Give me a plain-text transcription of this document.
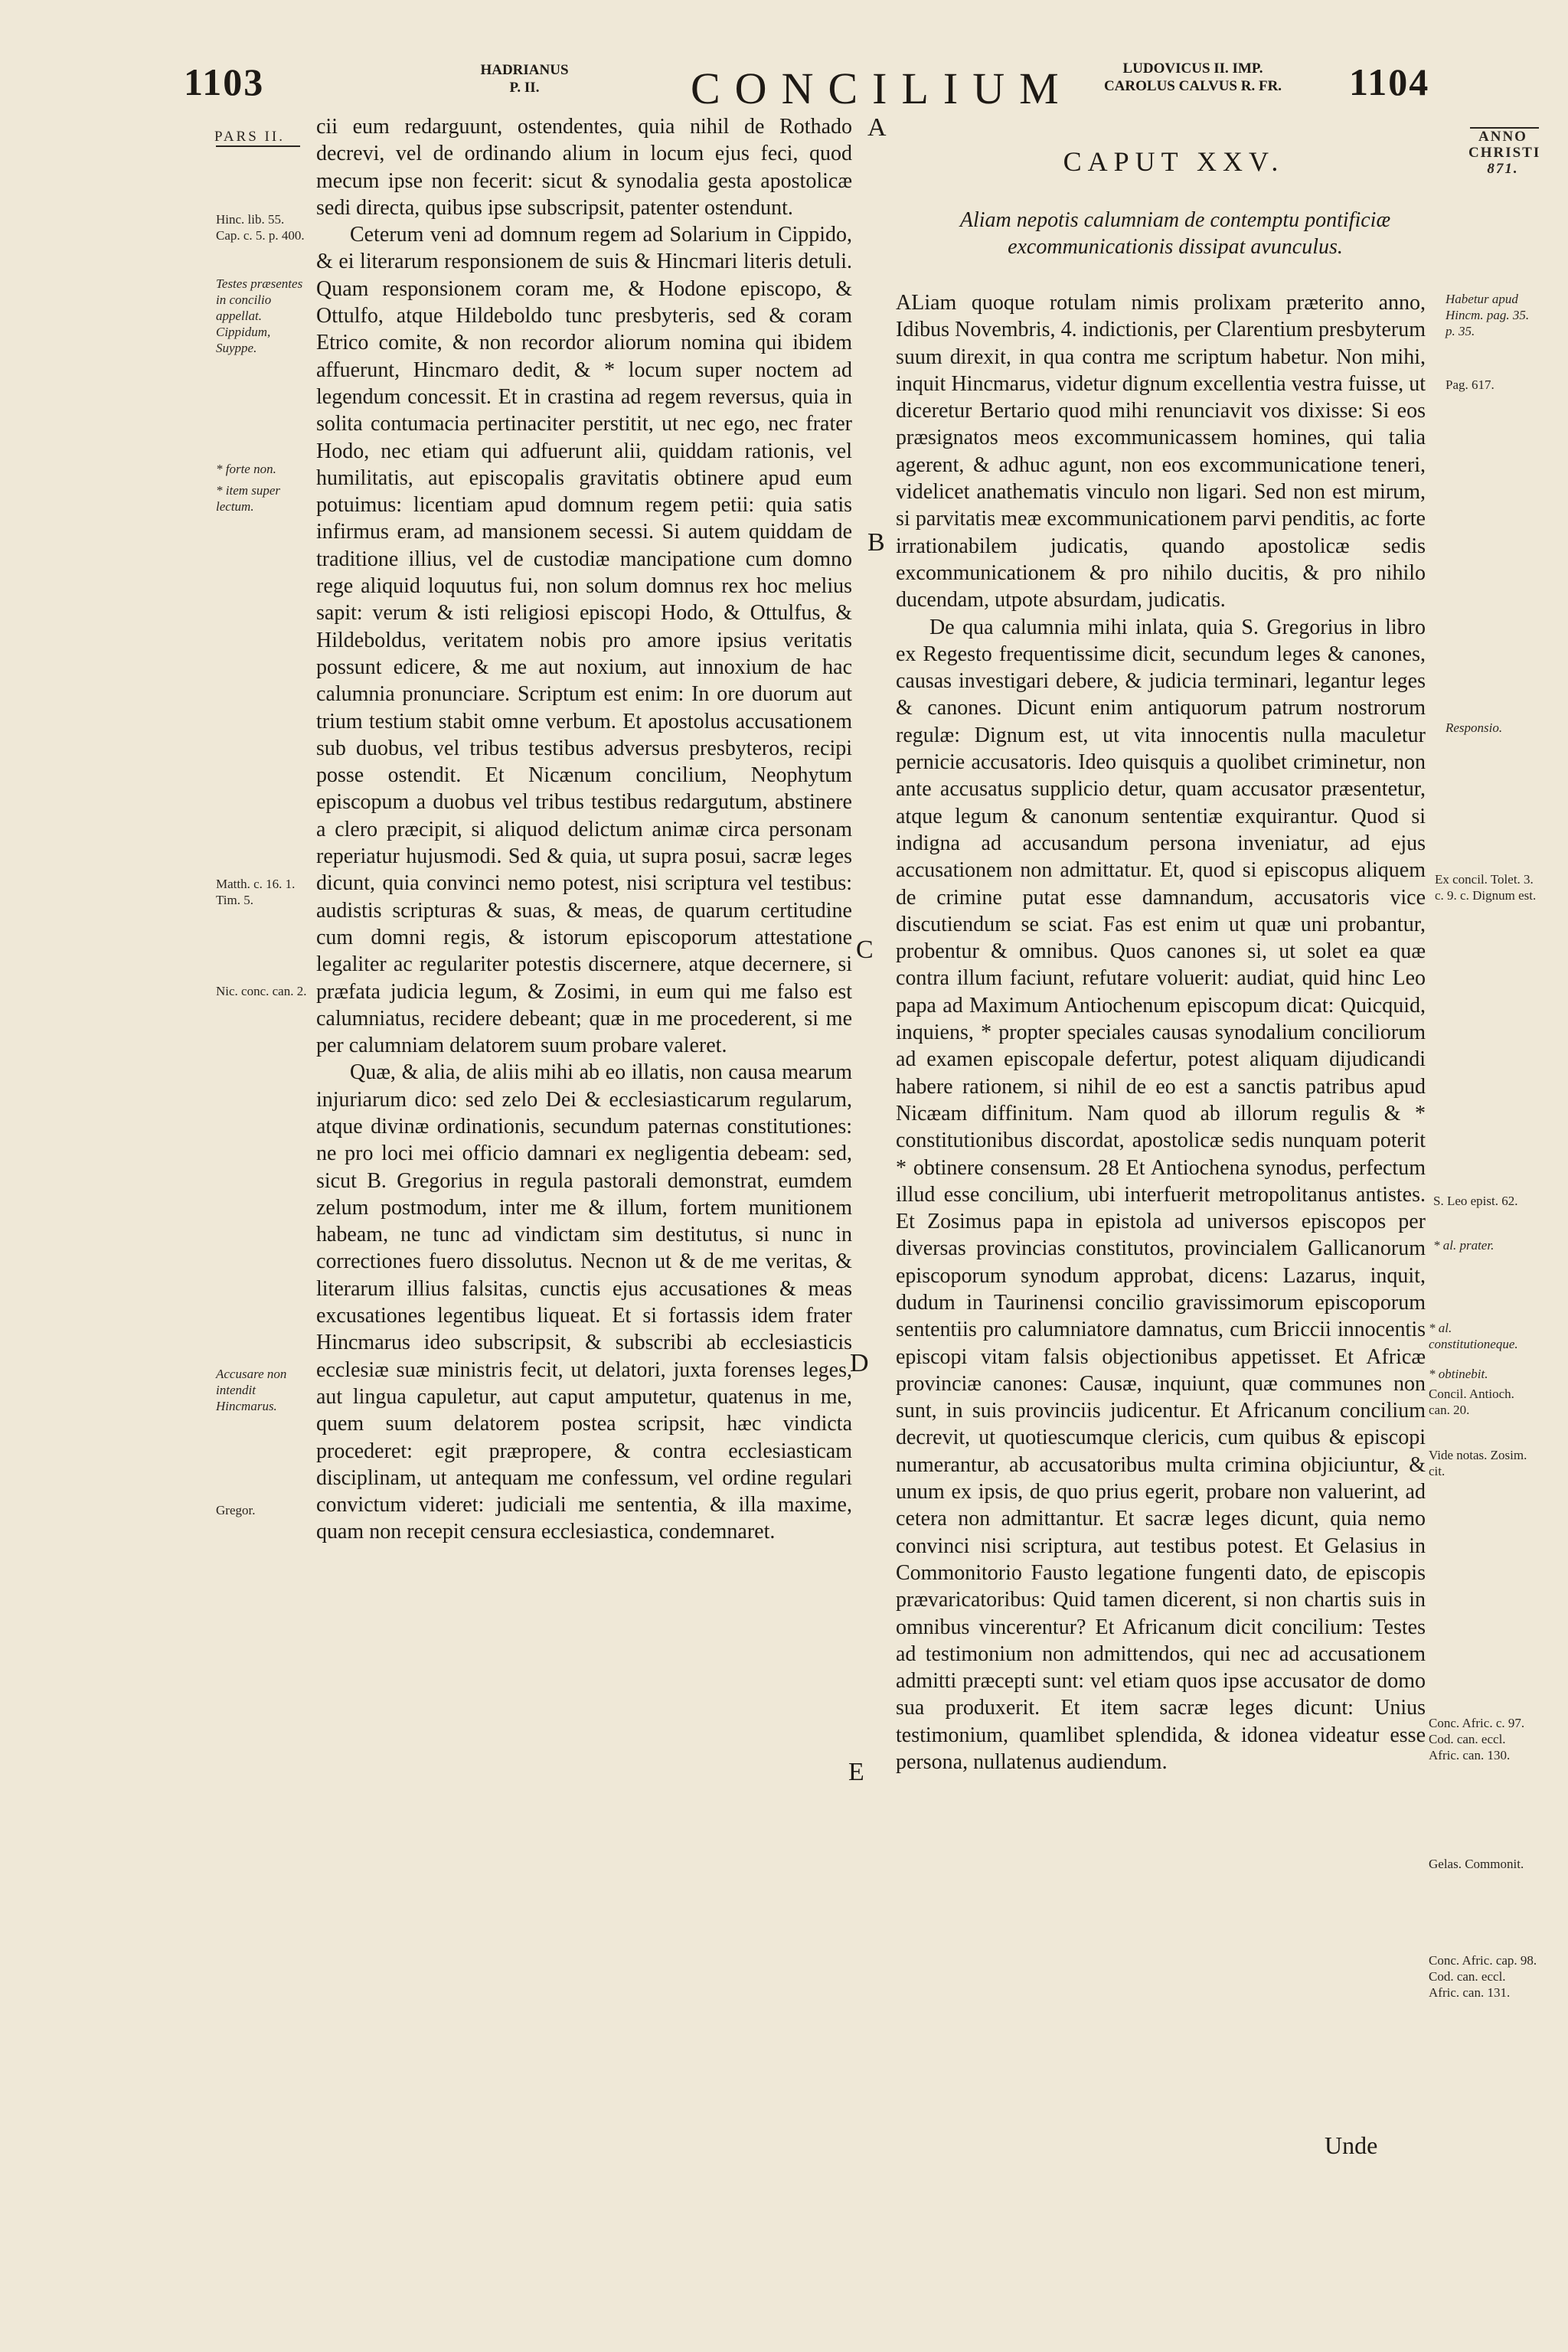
1103	HADRIANUS
P. II.	CONCILIUM	LUDOVICUS II. IMP.
CAROLUS CALVUS R. FR.	1104
PARS II.	ANNO
CHRISTI
871.
A
B
C
D
E
Hinc. lib. 55. Cap. c. 5. p. 400.
Testes præsentes in concilio appellat. Cippidum, Suyppe.
* forte non.
* item super lectum.
Matth. c. 16. 1. Tim. 5.
Nic. conc. can. 2.
Accusare non intendit Hincmarus.
Gregor.

cii eum redarguunt, ostendentes, quia nihil de Rothado decrevi, vel de ordinando alium in locum ejus feci, quod mecum ipse non fecerit: sicut & synodalia gesta apostolicæ sedi directa, quibus ipse subscripsit, patenter ostendunt.

Ceterum veni ad domnum regem ad Solarium in Cippido, & ei literarum responsionem de suis & Hincmari literis detuli. Quam responsionem coram me, & Hodone episcopo, & Ottulfo, atque Hildeboldo tunc presbyteris, sed & coram Etrico comite, & non recordor aliorum nomina qui ibidem affuerunt, Hincmaro dedit, & * locum super noctem ad legendum concessit. Et in crastina ad regem reversus, quia in solita contumacia pertinaciter perstitit, ut nec ego, nec frater Hodo, nec etiam qui adfuerunt alii, quiddam rationis, vel humilitatis, aut episcopalis gravitatis obtinere apud eum potuimus: licentiam apud domnum regem petii: quia satis infirmus eram, ad mansionem secessi. Si autem quiddam de traditione illius, vel de custodiæ mancipatione cum domno rege aliquid loquutus fui, non solum domnus rex hoc melius sapit: verum & isti religiosi episcopi Hodo, & Ottulfus, & Hildeboldus, veritatem nobis pro amore ipsius veritatis possunt edicere, & me aut noxium, aut innoxium de hac calumnia pronunciare. Scriptum est enim: In ore duorum aut trium testium stabit omne verbum. Et apostolus accusationem sub duobus, vel tribus testibus adversus presbyteros, recipi posse ostendit. Et Nicænum concilium, Neophytum episcopum a duobus vel tribus testibus redargutum, abstinere a clero præcipit, si aliquod delictum animæ circa personam reperiatur hujusmodi. Sed & quia, ut supra posui, sacræ leges dicunt, quia convinci nemo potest, nisi scriptura vel testibus: audistis scripturas & suas, & meas, de quarum certitudine cum domni regis, & istorum episcoporum attestatione legaliter ac regulariter potestis discernere, atque decernere, si præfata judicia legum, & Zosimi, in eum qui me falso est calumniatus, recidere debeant; quæ in me procederent, si me per calumniam delatorem suum probare valeret.

Quæ, & alia, de aliis mihi ab eo illatis, non causa mearum injuriarum dico: sed zelo Dei & ecclesiasticarum regularum, atque divinæ ordinationis, secundum paternas constitutiones: ne pro loci mei officio damnari ex negligentia debeam: sed, sicut B. Gregorius in regula pastorali demonstrat, eumdem zelum postmodum, inter me & illum, fortem munitionem habeam, ne tunc ad vindictam sim destitutus, si nunc in correctiones fuero dissolutus. Necnon ut & de me veritas, & literarum illius falsitas, cunctis ejus accusationes & meas excusationes legentibus liqueat. Et si fortassis idem frater Hincmarus ideo subscripsit, & subscribi ab ecclesiasticis ecclesiæ suæ ministris fecit, ut delatori, juxta forenses leges, aut lingua capuletur, aut caput amputetur, quatenus in me, quem suum delatorem postea scripsit, hæc vindicta procederet: egit præpropere, & contra ecclesiasticam disciplinam, ut antequam me confessum, vel ordine regulari convictum videret: judiciali me sententia, & illa maxime, quam non recepit censura ecclesiastica, condemnaret.

CAPUT XXV.
Aliam nepotis calumniam de contemptu pontificiæ excommunicationis dissipat avunculus.

ALiam quoque rotulam nimis prolixam præterito anno, Idibus Novembris, 4. indictionis, per Clarentium presbyterum suum direxit, in qua contra me scriptum habetur. Non mihi, inquit Hincmarus, videtur dignum excellentia vestra fuisse, ut diceretur Bertario quod mihi renunciavit vos dixisse: Si eos præsignatos meos excommunicassem homines, qui talia agerent, & adhuc agunt, non eos excommunicatione teneri, videlicet anathematis vinculo non ligari. Sed non est mirum, si parvitatis meæ excommunicationem parvi penditis, ac forte irrationabilem judicatis, quando apostolicæ sedis excommunicationem & pro nihilo ducitis, & pro nihilo ducendam, utpote absurdam, judicatis.

De qua calumnia mihi inlata, quia S. Gregorius in libro ex Regesto frequentissime dicit, secundum leges & canones, causas investigari debere, & judicia terminari, legantur leges & canones. Dicunt enim antiquorum patrum nostrorum regulæ: Dignum est, ut vita innocentis nulla maculetur pernicie accusatoris. Ideo quisquis a quolibet criminetur, non ante accusatus supplicio detur, quam accusator præsentetur, atque legum & canonum sententiæ exquirantur. Quod si indigna ad accusandum persona inveniatur, ad ejus accusationem non admittatur. Et, quod si episcopus aliquem de crimine putat esse damnandum, accusatoris vice discutiendum se sciat. Fas est enim ut quæ uni probantur, probentur & omnibus. Quos canones si, ut solet ea quæ contra illum faciunt, refutare voluerit: audiat, quid hinc Leo papa ad Maximum Antiochenum episcopum dicat: Quicquid, inquiens, * propter speciales causas synodalium conciliorum ad examen episcopale defertur, potest aliquam dijudicandi habere rationem, si nihil de eo est a sanctis patribus apud Nicæam diffinitum. Nam quod ab illorum regulis & * constitutionibus discordat, apostolicæ sedis nunquam poterit * obtinere consensum. 28 Et Antiochena synodus, perfectum illud esse concilium, ubi interfuerit metropolitanus antistes. Et Zosimus papa in epistola ad universos episcopos per diversas provincias constitutos, provincialem Gallicanorum episcoporum synodum approbat, dicens: Lazarus, inquit, dudum in Taurinensi concilio gravissimorum episcoporum sententiis pro calumniatore damnatus, cum Briccii innocentis episcopi vitam falsis objectionibus appetisset. Et Africæ provinciæ canones: Causæ, inquiunt, quæ communes non sunt, in suis provinciis judicentur. Et Africanum concilium decrevit, ut quotiescumque clericis, cum quibus & episcopi numerantur, ab accusatoribus multa crimina objiciuntur, & unum ex ipsis, de quo prius egerit, probare non valuerint, ad cetera non admittantur. Et sacræ leges dicunt, quia nemo convinci nisi scriptura, aut testibus potest. Et Gelasius in Commonitorio Fausto legatione fungenti dato, de episcopis prævaricatoribus: Quid tamen dicerent, si non chartis suis in omnibus vincerentur? Et Africanum dicit concilium: Testes ad testimonium non admittendos, qui nec ad accusationem admitti præcepti sunt: vel etiam quos ipse accusator de domo sua produxerit. Et item sacræ leges dicunt: Unius testimonium, quamlibet splendida, & idonea videatur esse persona, nullatenus audiendum.

Unde
Habetur apud Hincm. pag. 35. p. 35.
Pag. 617.
Responsio.
Ex concil. Tolet. 3. c. 9. c. Dignum est.
S. Leo epist. 62.
* al. prater.
* al. constitutioneque.
* obtinebit.
Concil. Antioch. can. 20.
Vide notas. Zosim. cit.
Conc. Afric. c. 97. Cod. can. eccl. Afric. can. 130.
Gelas. Commonit.
Conc. Afric. cap. 98. Cod. can. eccl. Afric. can. 131.
